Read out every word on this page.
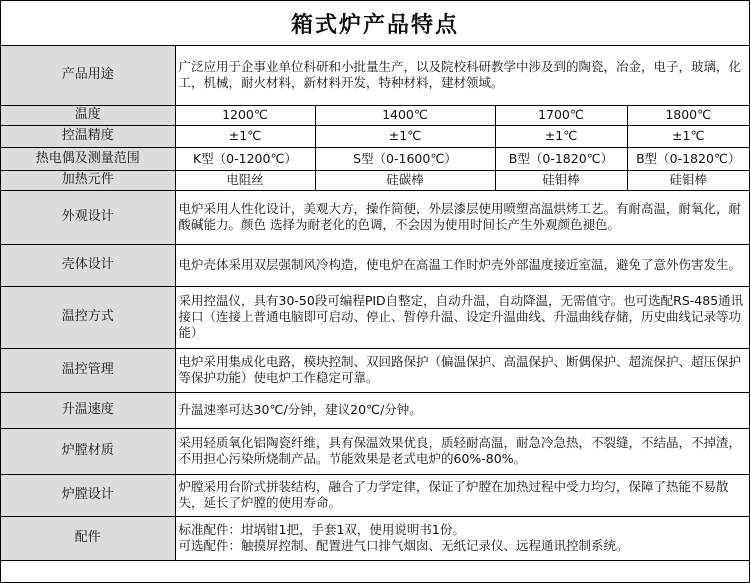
箱式炉产品特点
产品用途	广泛应用于企事业单位科研和小批量生产，以及院校科研教学中涉及到的陶瓷，冶金，电子，玻璃，化工，机械，耐火材料，新材料开发，特种材料，建材领域。			
温度	1200℃	1400℃	1700℃	1800℃
控温精度	±1℃	±1℃	±1℃	±1℃
热电偶及测量范围	K型（0-1200℃）	S型（0-1600℃）	B型（0-1820℃）	B型（0-1820℃）
加热元件	电阻丝	硅碳棒	硅钼棒	硅钼棒
外观设计	电炉采用人性化设计，美观大方，操作简便，外层漆层使用喷塑高温烘烤工艺。有耐高温，耐氧化，耐酸碱能力。颜色 选择为耐老化的色调，不会因为使用时间长产生外观颜色褪色。			
壳体设计	电炉壳体采用双层强制风冷构造，使电炉在高温工作时炉壳外部温度接近室温，避免了意外伤害发生。			
温控方式	采用控温仪，具有30-50段可编程PID自整定，自动升温，自动降温，无需值守。也可选配RS-485通讯接口（连接上普通电脑即可启动、停止、暂停升温、设定升温曲线、升温曲线存储，历史曲线记录等功能）			
温控管理	电炉采用集成化电路，模块控制、双回路保护（偏温保护、高温保护、断偶保护、超流保护、超压保护等保护功能）使电炉工作稳定可靠。			
升温速度	升温速率可达30℃/分钟，建议20℃/分钟。			
炉膛材质	采用轻质氧化铝陶瓷纤维，具有保温效果优良，质轻耐高温，耐急冷急热，不裂缝，不结晶，不掉渣，不用担心污染所烧制产品。节能效果是老式电炉的60%-80%。			
炉膛设计	炉膛采用台阶式拼装结构，融合了力学定律，保证了炉膛在加热过程中受力均匀，保障了热能不易散失，延长了炉膛的使用寿命。			
配件	标准配件：坩埚钳1把，手套1双，使用说明书1份。
可选配件：触摸屏控制、配置进气口排气烟囱、无纸记录仪、远程通讯控制系统。			
